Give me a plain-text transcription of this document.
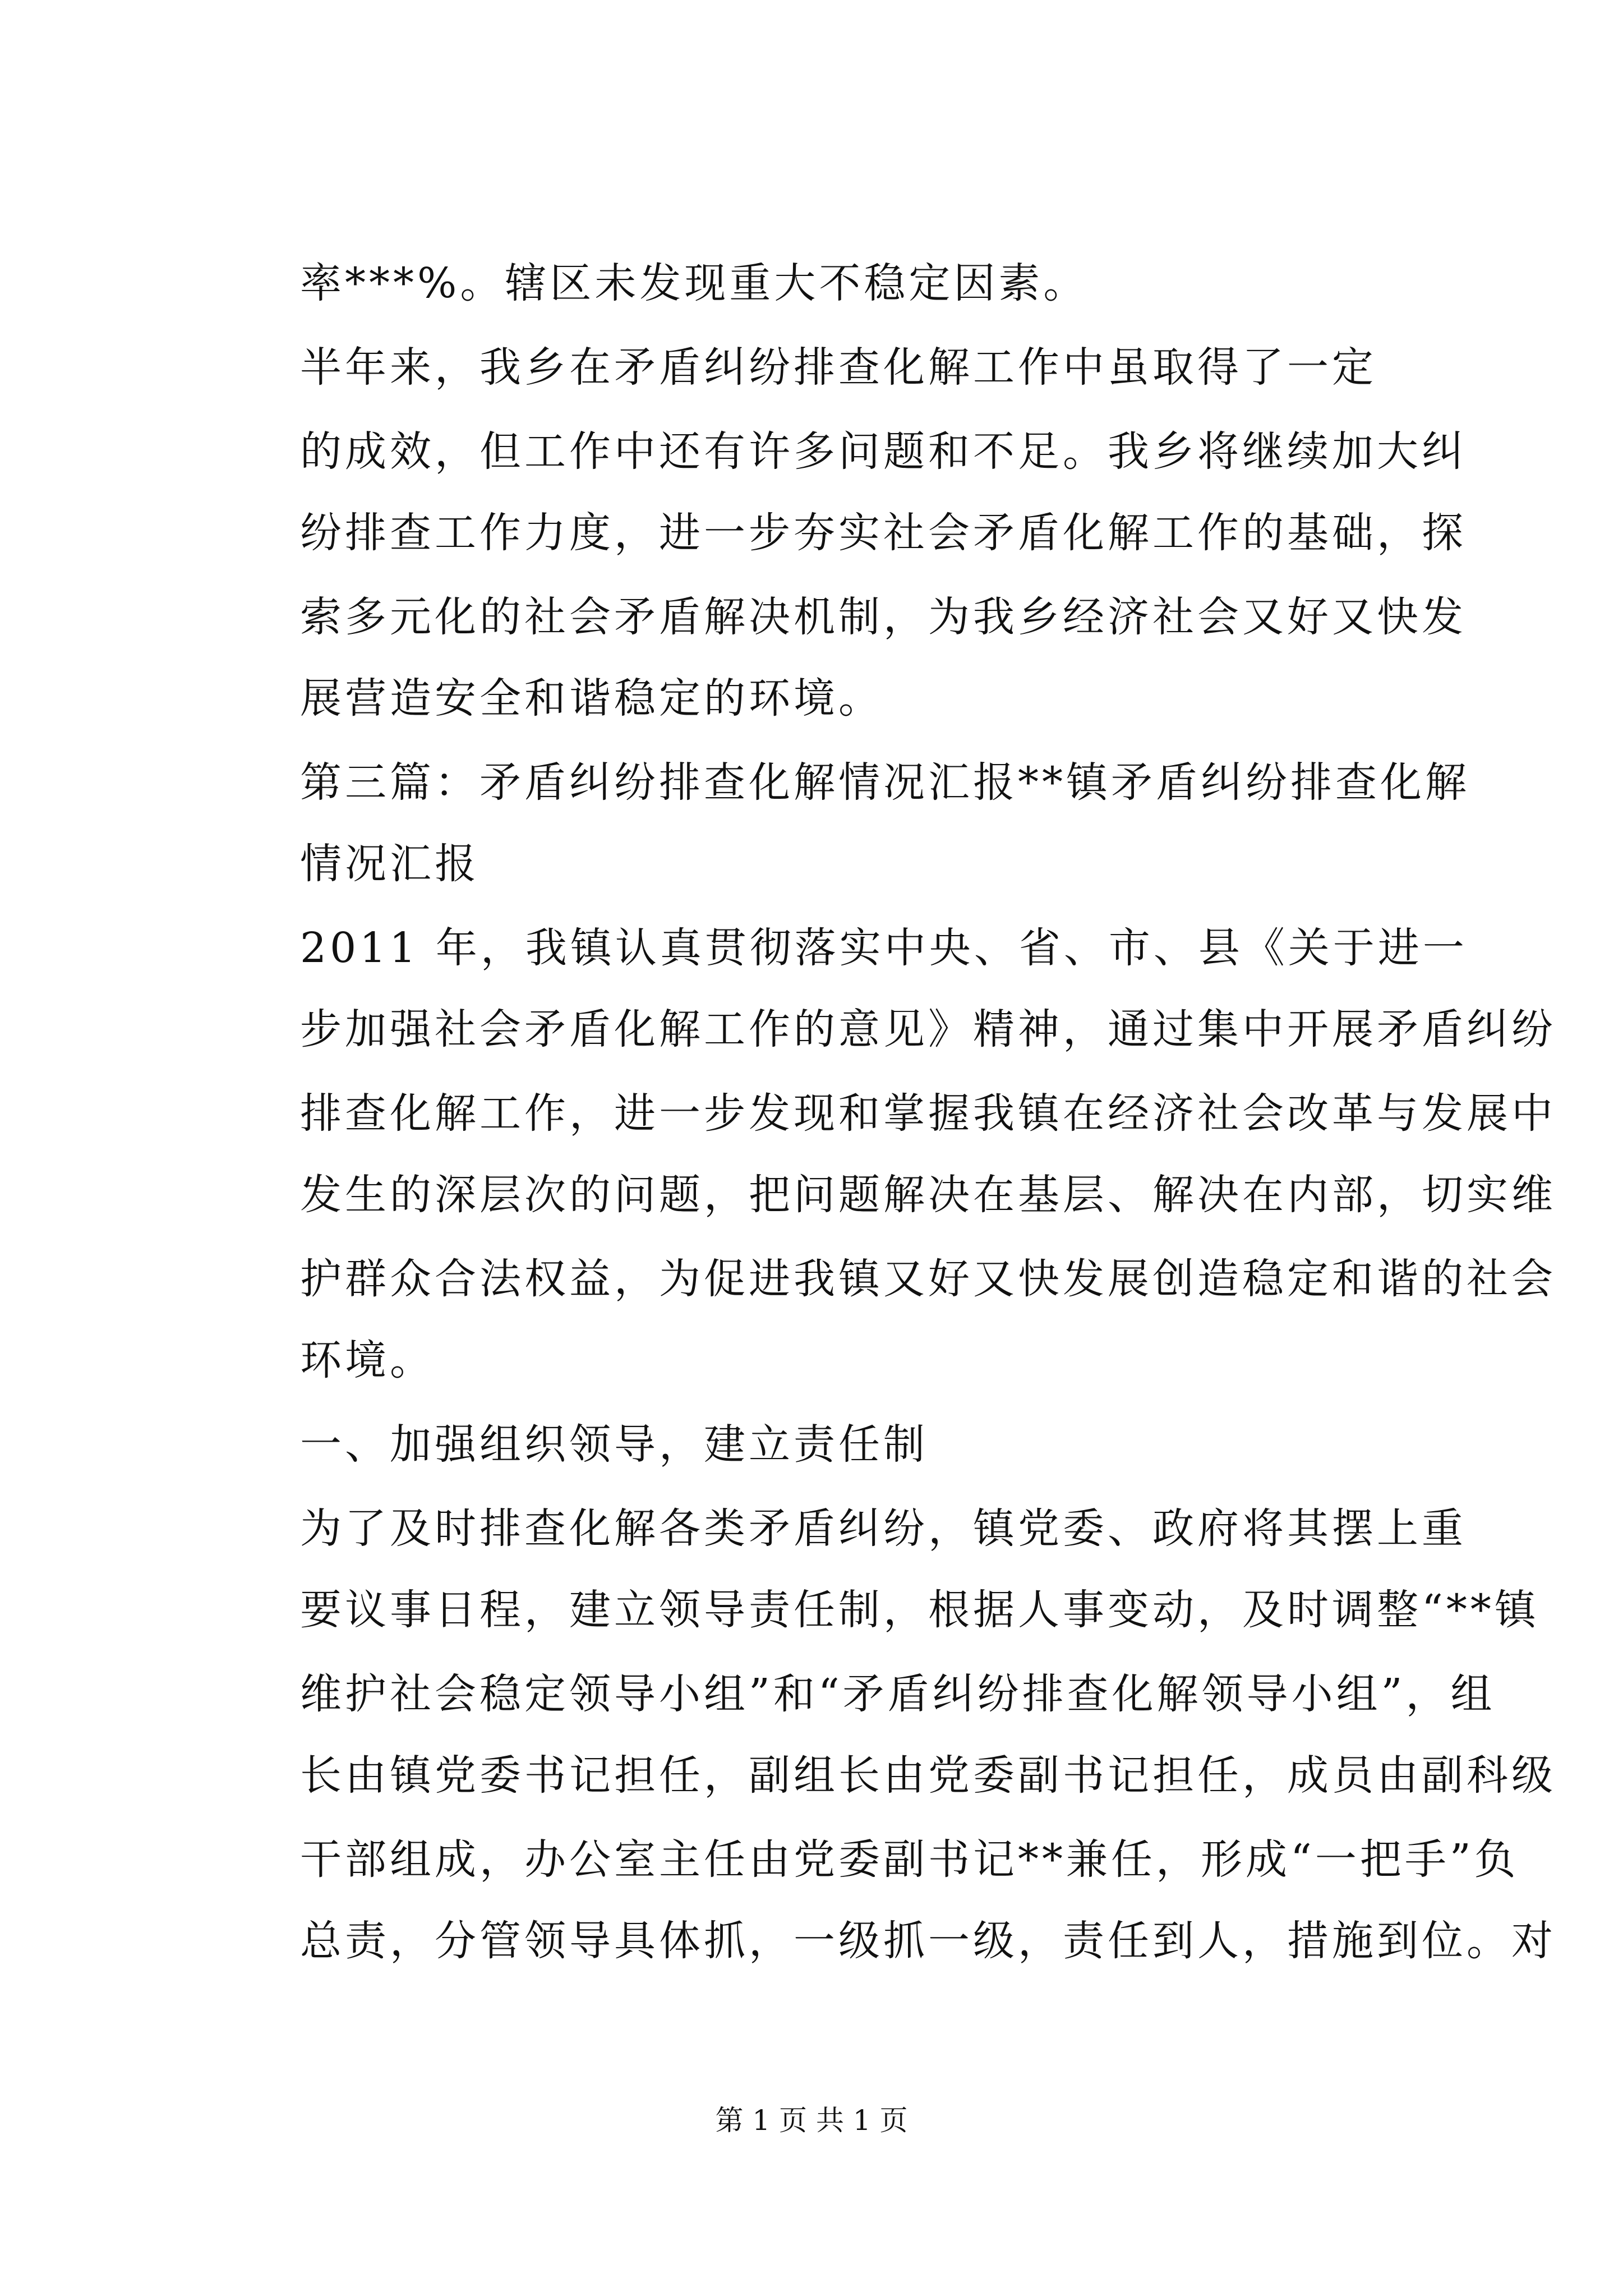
率***%。辖区未发现重大不稳定因素。
半年来，我乡在矛盾纠纷排查化解工作中虽取得了一定
的成效，但工作中还有许多问题和不足。我乡将继续加大纠
纷排查工作力度，进一步夯实社会矛盾化解工作的基础，探
索多元化的社会矛盾解决机制，为我乡经济社会又好又快发
展营造安全和谐稳定的环境。
第三篇：矛盾纠纷排查化解情况汇报**镇矛盾纠纷排查化解
情况汇报
2011 年，我镇认真贯彻落实中央、省、市、县《关于进一
步加强社会矛盾化解工作的意见》精神，通过集中开展矛盾纠纷
排查化解工作，进一步发现和掌握我镇在经济社会改革与发展中
发生的深层次的问题，把问题解决在基层、解决在内部，切实维
护群众合法权益，为促进我镇又好又快发展创造稳定和谐的社会
环境。
一、加强组织领导，建立责任制
为了及时排查化解各类矛盾纠纷，镇党委、政府将其摆上重
要议事日程，建立领导责任制，根据人事变动，及时调整“**镇
维护社会稳定领导小组”和“矛盾纠纷排查化解领导小组”，组
长由镇党委书记担任，副组长由党委副书记担任，成员由副科级
干部组成，办公室主任由党委副书记**兼任，形成“一把手”负
总责，分管领导具体抓，一级抓一级，责任到人，措施到位。对
第 1 页 共 1 页
